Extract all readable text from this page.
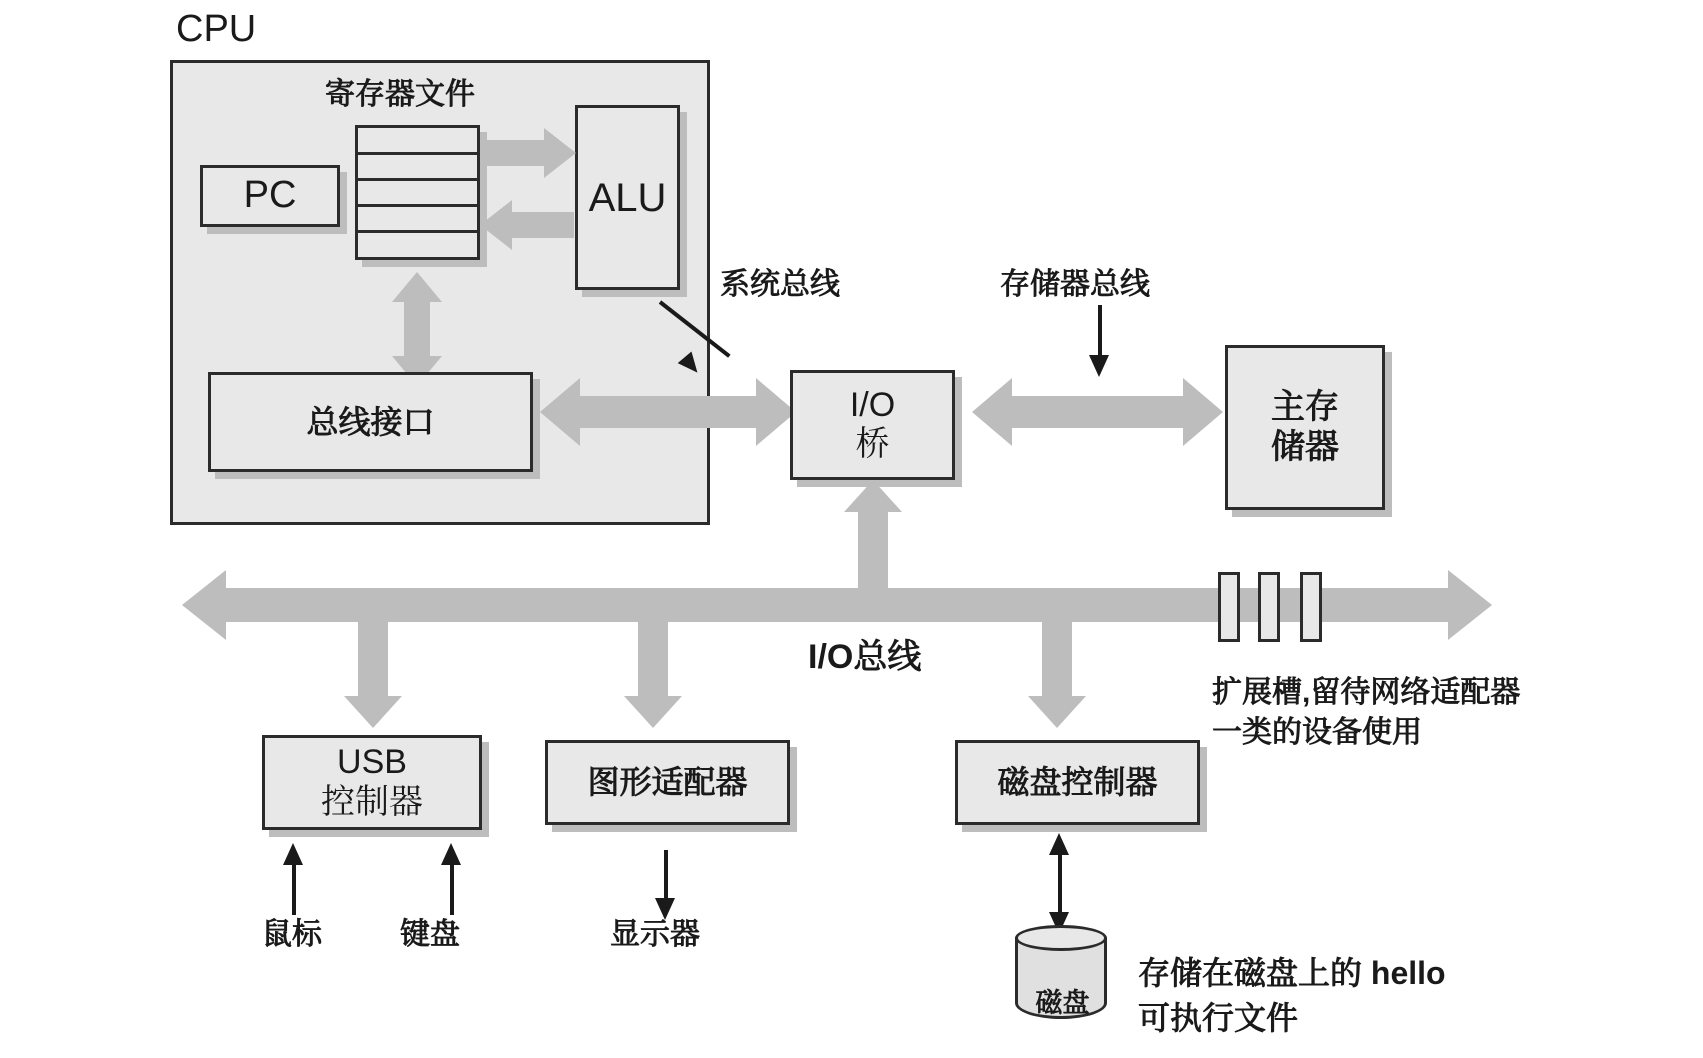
CPU
寄存器文件
PC	ALU
总线接口
系统总线
I/O
桥
存储器总线
主存
储器
I/O总线
扩展槽,留待网络适配器
一类的设备使用
USB
控制器
图形适配器	磁盘控制器
鼠标	键盘	显示器
磁盘
存储在磁盘上的 hello
可执行文件
